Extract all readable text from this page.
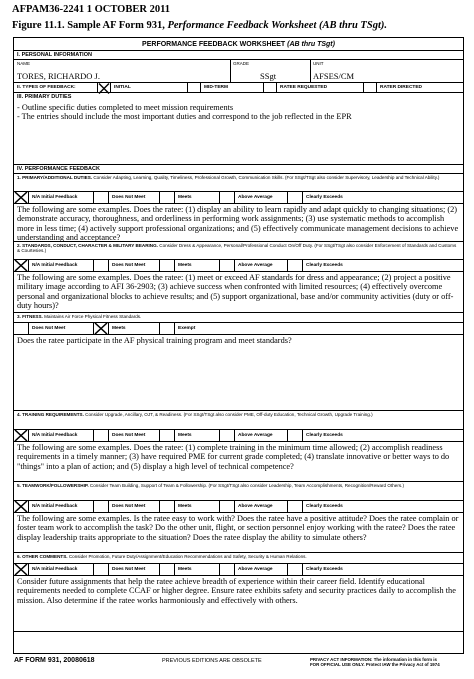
AFPAM36-2241 1 OCTOBER 2011
Figure 11.1. Sample AF Form 931, Performance Feedback Worksheet (AB thru TSgt).
PERFORMANCE FEEDBACK WORKSHEET (AB thru TSgt)
I. PERSONAL INFORMATION
NAME
TORES, RICHARDO J.
GRADE
SSgt
UNIT
AFSES/CM
II. TYPES OF FEEDBACK:	INITIAL	MID-TERM	RATEE REQUESTED	RATER DIRECTED
III. PRIMARY DUTIES
- Outline specific duties completed to meet mission requirements
- The entries should include the most important duties and correspond to the job reflected in the EPR
IV. PERFORMANCE FEEDBACK
1. PRIMARY/ADDITIONAL DUTIES. Consider Adapting, Learning, Quality, Timeliness, Professional Growth, Communication Skills. (For SSgt/TSgt also consider Supervisory, Leadership and Technical Ability.)
N/A Initial Feedback	Does Not Meet	Meets	Above Average	Clearly Exceeds
The following are some examples. Does the ratee: (1) display an ability to learn rapidly and adapt quickly to changing situations; (2) demonstrate accuracy, thoroughness, and orderliness in performing work assignments; (3) use systematic methods to accomplish more in less time; (4) actively support professional organizations; and (5) effectively communicate management decisions to achieve understanding and acceptance?
2. STANDARDS, CONDUCT, CHARACTER & MILITARY BEARING. Consider Dress & Appearance, Personal/Professional Conduct On/Off Duty. (For SSgt/TSgt also consider Enforcement of Standards and Customs & Courtesies.)
N/A Initial Feedback	Does Not Meet	Meets	Above Average	Clearly Exceeds
The following are some examples. Does the ratee: (1) meet or exceed AF standards for dress and appearance; (2) project a positive military image according to AFI 36-2903; (3) achieve success when confronted with limited resources; (4) effectively overcome personal and organizational blocks to achieve results; and (5) support organizational, base and/or community activities (duty or off-duty hours)?
3. FITNESS. Maintains Air Force Physical Fitness Standards.
Does Not Meet	Meets	Exempt
Does the ratee participate in the AF physical training program and meet standards?
4. TRAINING REQUIREMENTS. Consider Upgrade, Ancillary, OJT, & Readiness. (For SSgt/TSgt also consider PME, Off-duty Education, Technical Growth, Upgrade Training.)
N/A Initial Feedback	Does Not Meet	Meets	Above Average	Clearly Exceeds
The following are some examples. Does the ratee: (1) complete training in the minimum time allowed; (2) accomplish readiness requirements in a timely manner; (3) have required PME for current grade completed; (4) translate innovative or better ways to do "things" into a plan of action; and (5) display a high level of technical competence?
5. TEAMWORK/FOLLOWERSHIP. Consider Team Building, Support of Team & Followership. (For SSgt/TSgt also consider Leadership, Team Accomplishments, Recognition/Reward Others.)
N/A Initial Feedback	Does Not Meet	Meets	Above Average	Clearly Exceeds
The following are some examples. Is the ratee easy to work with? Does the ratee have a positive attitude? Does the ratee complain or foster team work to accomplish the task? Do the other unit, flight, or section personnel enjoy working with the ratee? Does the ratee display leadership traits appropriate to the situation? Does the ratee display the ability to simulate others?
6. OTHER COMMENTS. Consider Promotion, Future Duty/Assignment/Education Recommendations and Safety, Security & Human Relations.
N/A Initial Feedback	Does Not Meet	Meets	Above Average	Clearly Exceeds
Consider future assignments that help the ratee achieve breadth of experience within their career field. Identify educational requirements needed to complete CCAF or higher degree. Ensure ratee exhibits safety and security practices daily to accomplish the mission. Also determine if the ratee works harmoniously and effectively with others.
AF FORM 931, 20080618	PREVIOUS EDITIONS ARE OBSOLETE	PRIVACY ACT INFORMATION: The information in this form is
FOR OFFICIAL USE ONLY. Protect IAW the Privacy Act of 1974
